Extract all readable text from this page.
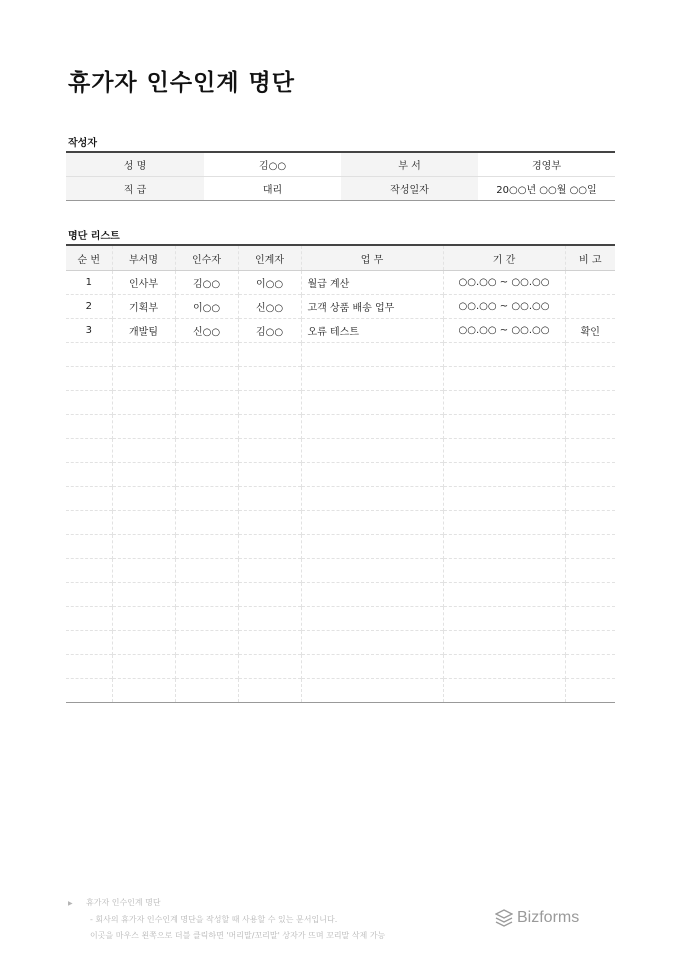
휴가자 인수인계 명단
작성자
성 명	김○○	부 서	경영부
직 급	대리	작성일자	20○○년 ○○월 ○○일
명단 리스트
순 번	부서명	인수자	인계자	업 무	기 간	비 고
1	인사부	김○○	이○○	월급 계산	○○.○○ ~ ○○.○○	
2	기획부	이○○	신○○	고객 상품 배송 업무	○○.○○ ~ ○○.○○	
3	개발팀	신○○	김○○	오류 테스트	○○.○○ ~ ○○.○○	확인

▶ 휴가자 인수인계 명단
- 회사의 휴가자 인수인계 명단을 작성할 때 사용할 수 있는 문서입니다.
이곳을 마우스 왼쪽으로 더블 클릭하면 '머리말/꼬리말' 상자가 뜨며 꼬리말 삭제 가능
Bizforms
